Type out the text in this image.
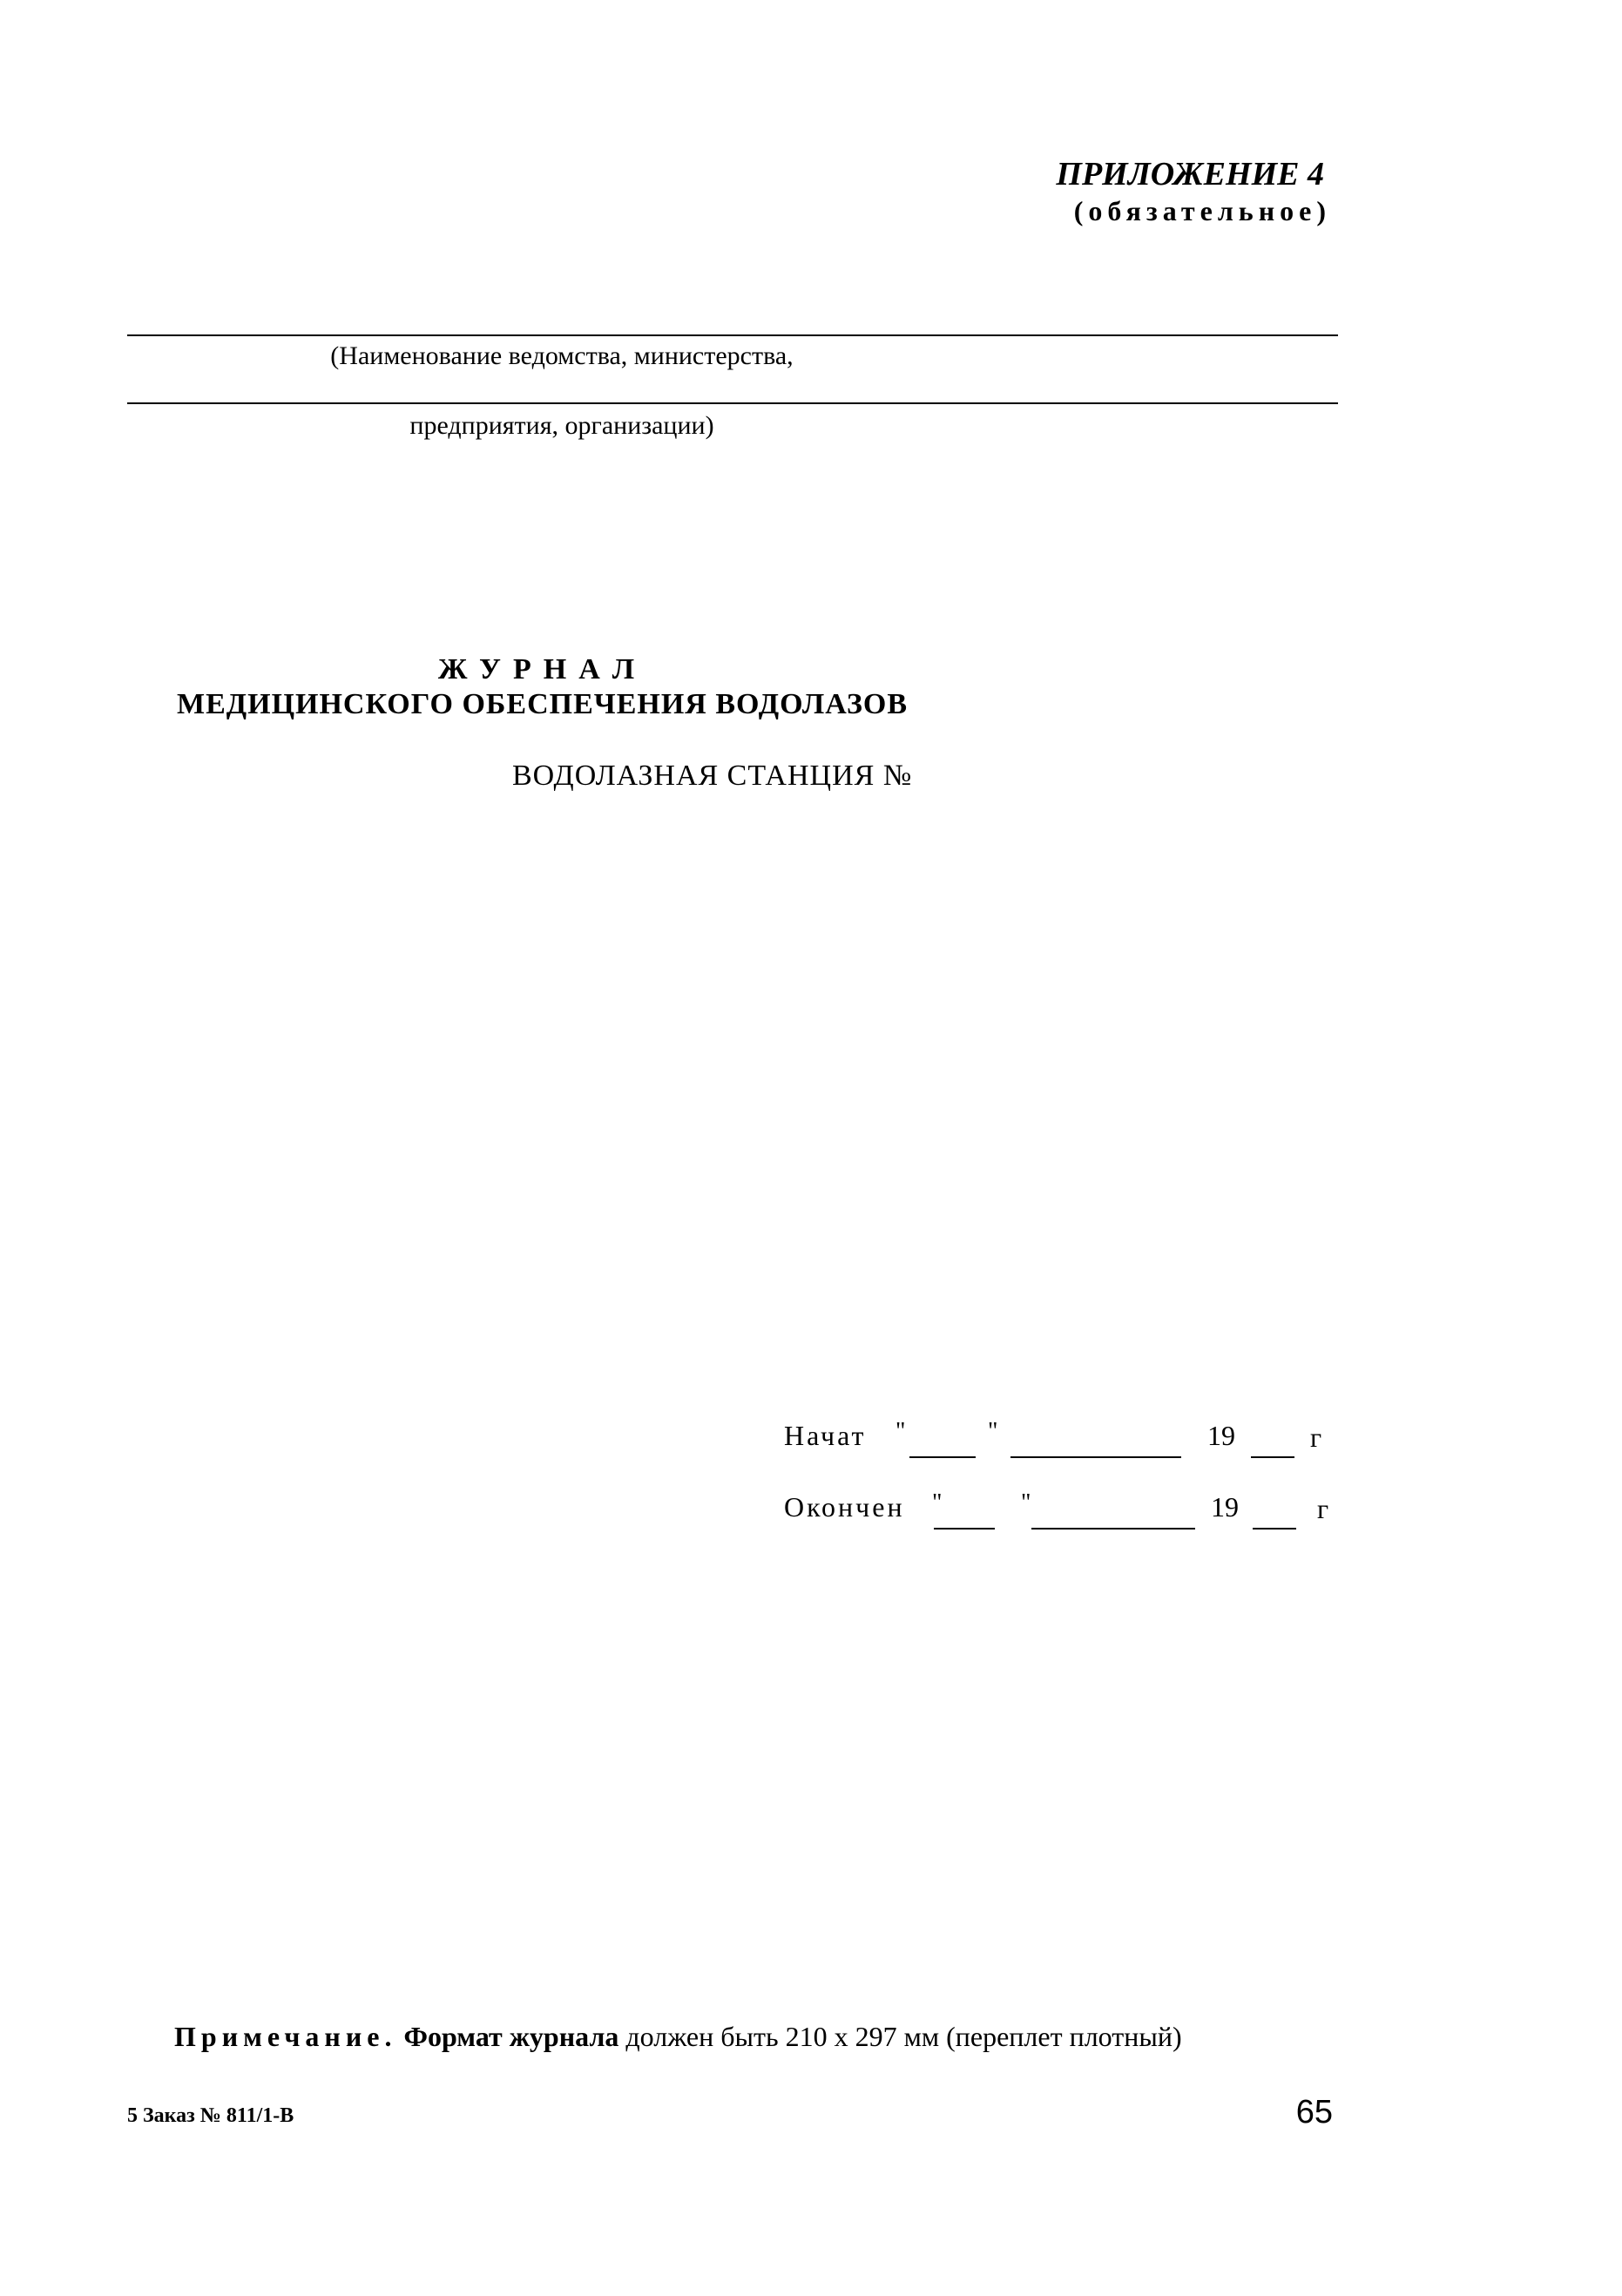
ПРИЛОЖЕНИЕ 4
(обязательное)
(Наименование ведомства, министерства,
предприятия, организации)
ЖУРНАЛ
МЕДИЦИНСКОГО ОБЕСПЕЧЕНИЯ ВОДОЛАЗОВ
ВОДОЛАЗНАЯ СТАНЦИЯ №
Начат "	"	19	г
Окончен "	"	19	г
Примечание. Формат журнала должен быть 210 х 297 мм (переплет плотный)
5 Заказ № 811/1-В	65
